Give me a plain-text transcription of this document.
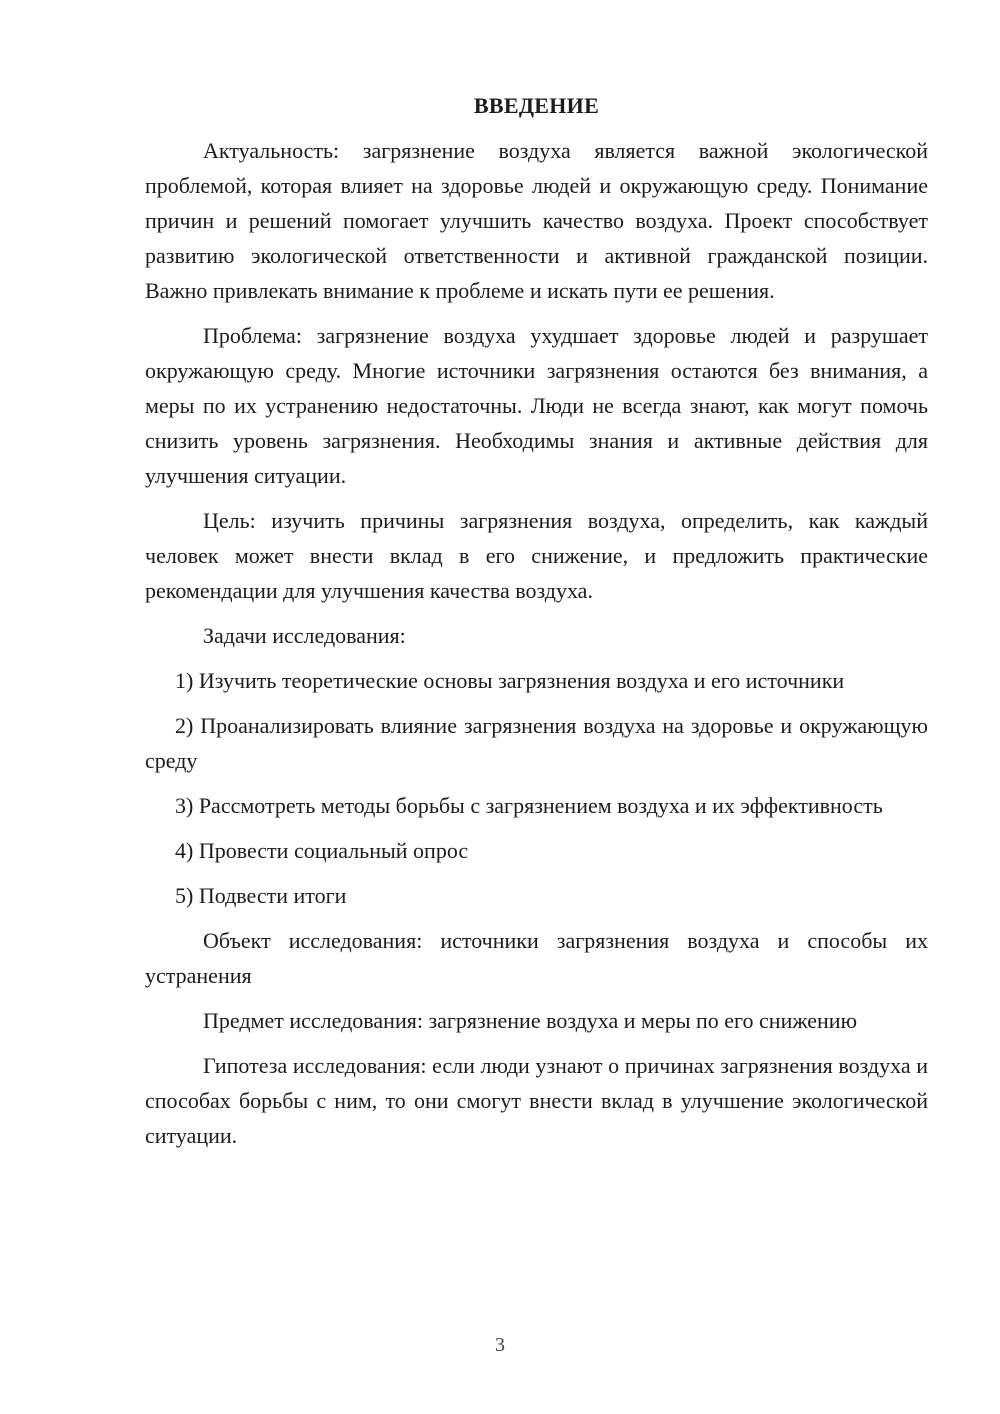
ВВЕДЕНИЕ

Актуальность: загрязнение воздуха является важной экологической проблемой, которая влияет на здоровье людей и окружающую среду. Понимание причин и решений помогает улучшить качество воздуха. Проект способствует развитию экологической ответственности и активной гражданской позиции. Важно привлекать внимание к проблеме и искать пути ее решения.

Проблема: загрязнение воздуха ухудшает здоровье людей и разрушает окружающую среду. Многие источники загрязнения остаются без внимания, а меры по их устранению недостаточны. Люди не всегда знают, как могут помочь снизить уровень загрязнения. Необходимы знания и активные действия для улучшения ситуации.

Цель: изучить причины загрязнения воздуха, определить, как каждый человек может внести вклад в его снижение, и предложить практические рекомендации для улучшения качества воздуха.

Задачи исследования:

1) Изучить теоретические основы загрязнения воздуха и его источники

2) Проанализировать влияние загрязнения воздуха на здоровье и окружающую среду

3) Рассмотреть методы борьбы с загрязнением воздуха и их эффективность

4) Провести социальный опрос

5) Подвести итоги

Объект исследования: источники загрязнения воздуха и способы их устранения

Предмет исследования: загрязнение воздуха и меры по его снижению

Гипотеза исследования: если люди узнают о причинах загрязнения воздуха и способах борьбы с ним, то они смогут внести вклад в улучшение экологической ситуации.

3
